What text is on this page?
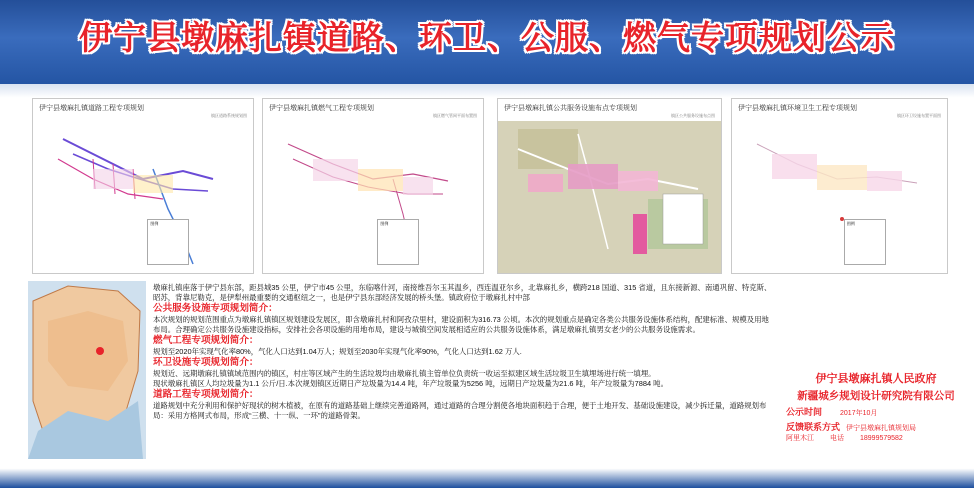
伊宁县墩麻扎镇道路、环卫、公服、燃气专项规划公示
伊宁县墩麻扎镇道路工程专项规划
镇区道路系统规划图
图例
伊宁县墩麻扎镇燃气工程专项规划
镇区燃气管网平面布置图
图例
伊宁县墩麻扎镇公共服务设施布点专项规划
镇区公共服务设施布点图
伊宁县墩麻扎镇环境卫生工程专项规划
镇区环卫设施布置平面图
图例

墩麻扎镇座落于伊宁县东部，距县城35 公里，伊宁市45 公里，东临喀什河，南接维吾尔玉其温乡，西连温亚尔乡，北靠麻扎乡，横跨218 国道、315 省道，且东接新源、南通巩留、特克斯、昭苏，背靠尼勒克，是伊犁州最重要的交通枢纽之一，也是伊宁县东部经济发展的桥头堡。镇政府位于墩麻扎村中部

公共服务设施专项规划简介：

本次规划的规划范围重点为墩麻扎镇镇区规划建设发展区，即含墩麻扎村和阿孜尕里村，建设面积为316.73 公顷。本次的规划重点是确定各类公共服务设施体系结构，配建标准、规模及用地布局。合理确定公共服务设施建设指标，安排社会各项设施的用地布局，建设与城镇空间发展相适应的公共服务设施体系，满足墩麻扎镇男女老少的公共服务设施需求。

燃气工程专项规划简介：

规划至2020年实现气化率80%，气化人口达到1.04万人；规划至2030年实现气化率90%，气化人口达到1.62 万人.

环卫设施专项规划简介：

规划近、远期墩麻扎镇镇域范围内的镇区，村庄等区域产生的生活垃圾均由墩麻扎镇主管单位负责统一收运至拟建区域生活垃圾卫生填埋场进行统一填埋。

现状墩麻扎镇区人均垃圾量为1.1 公斤/日.本次规划镇区近期日产垃圾量为14.4 吨，年产垃圾量为5256 吨，远期日产垃圾量为21.6 吨，年产垃圾量为7884 吨。

道路工程专项规划简介：

道路规划中充分利用和保护好现状的树木植被，在原有的道路基础上继续完善道路网，通过道路的合理分割使各地块面积趋于合理，便于土地开发、基础设施建设，减少拆迁量，道路规划布局：采用方格网式布局，形成“三横、十一纵、一环”的道路骨架。

伊宁县墩麻扎镇人民政府
新疆城乡规划设计研究院有限公司
公示时间	2017年10月
反馈联系方式 伊宁县墩麻扎镇规划局
阿里木江 电话 18999579582
